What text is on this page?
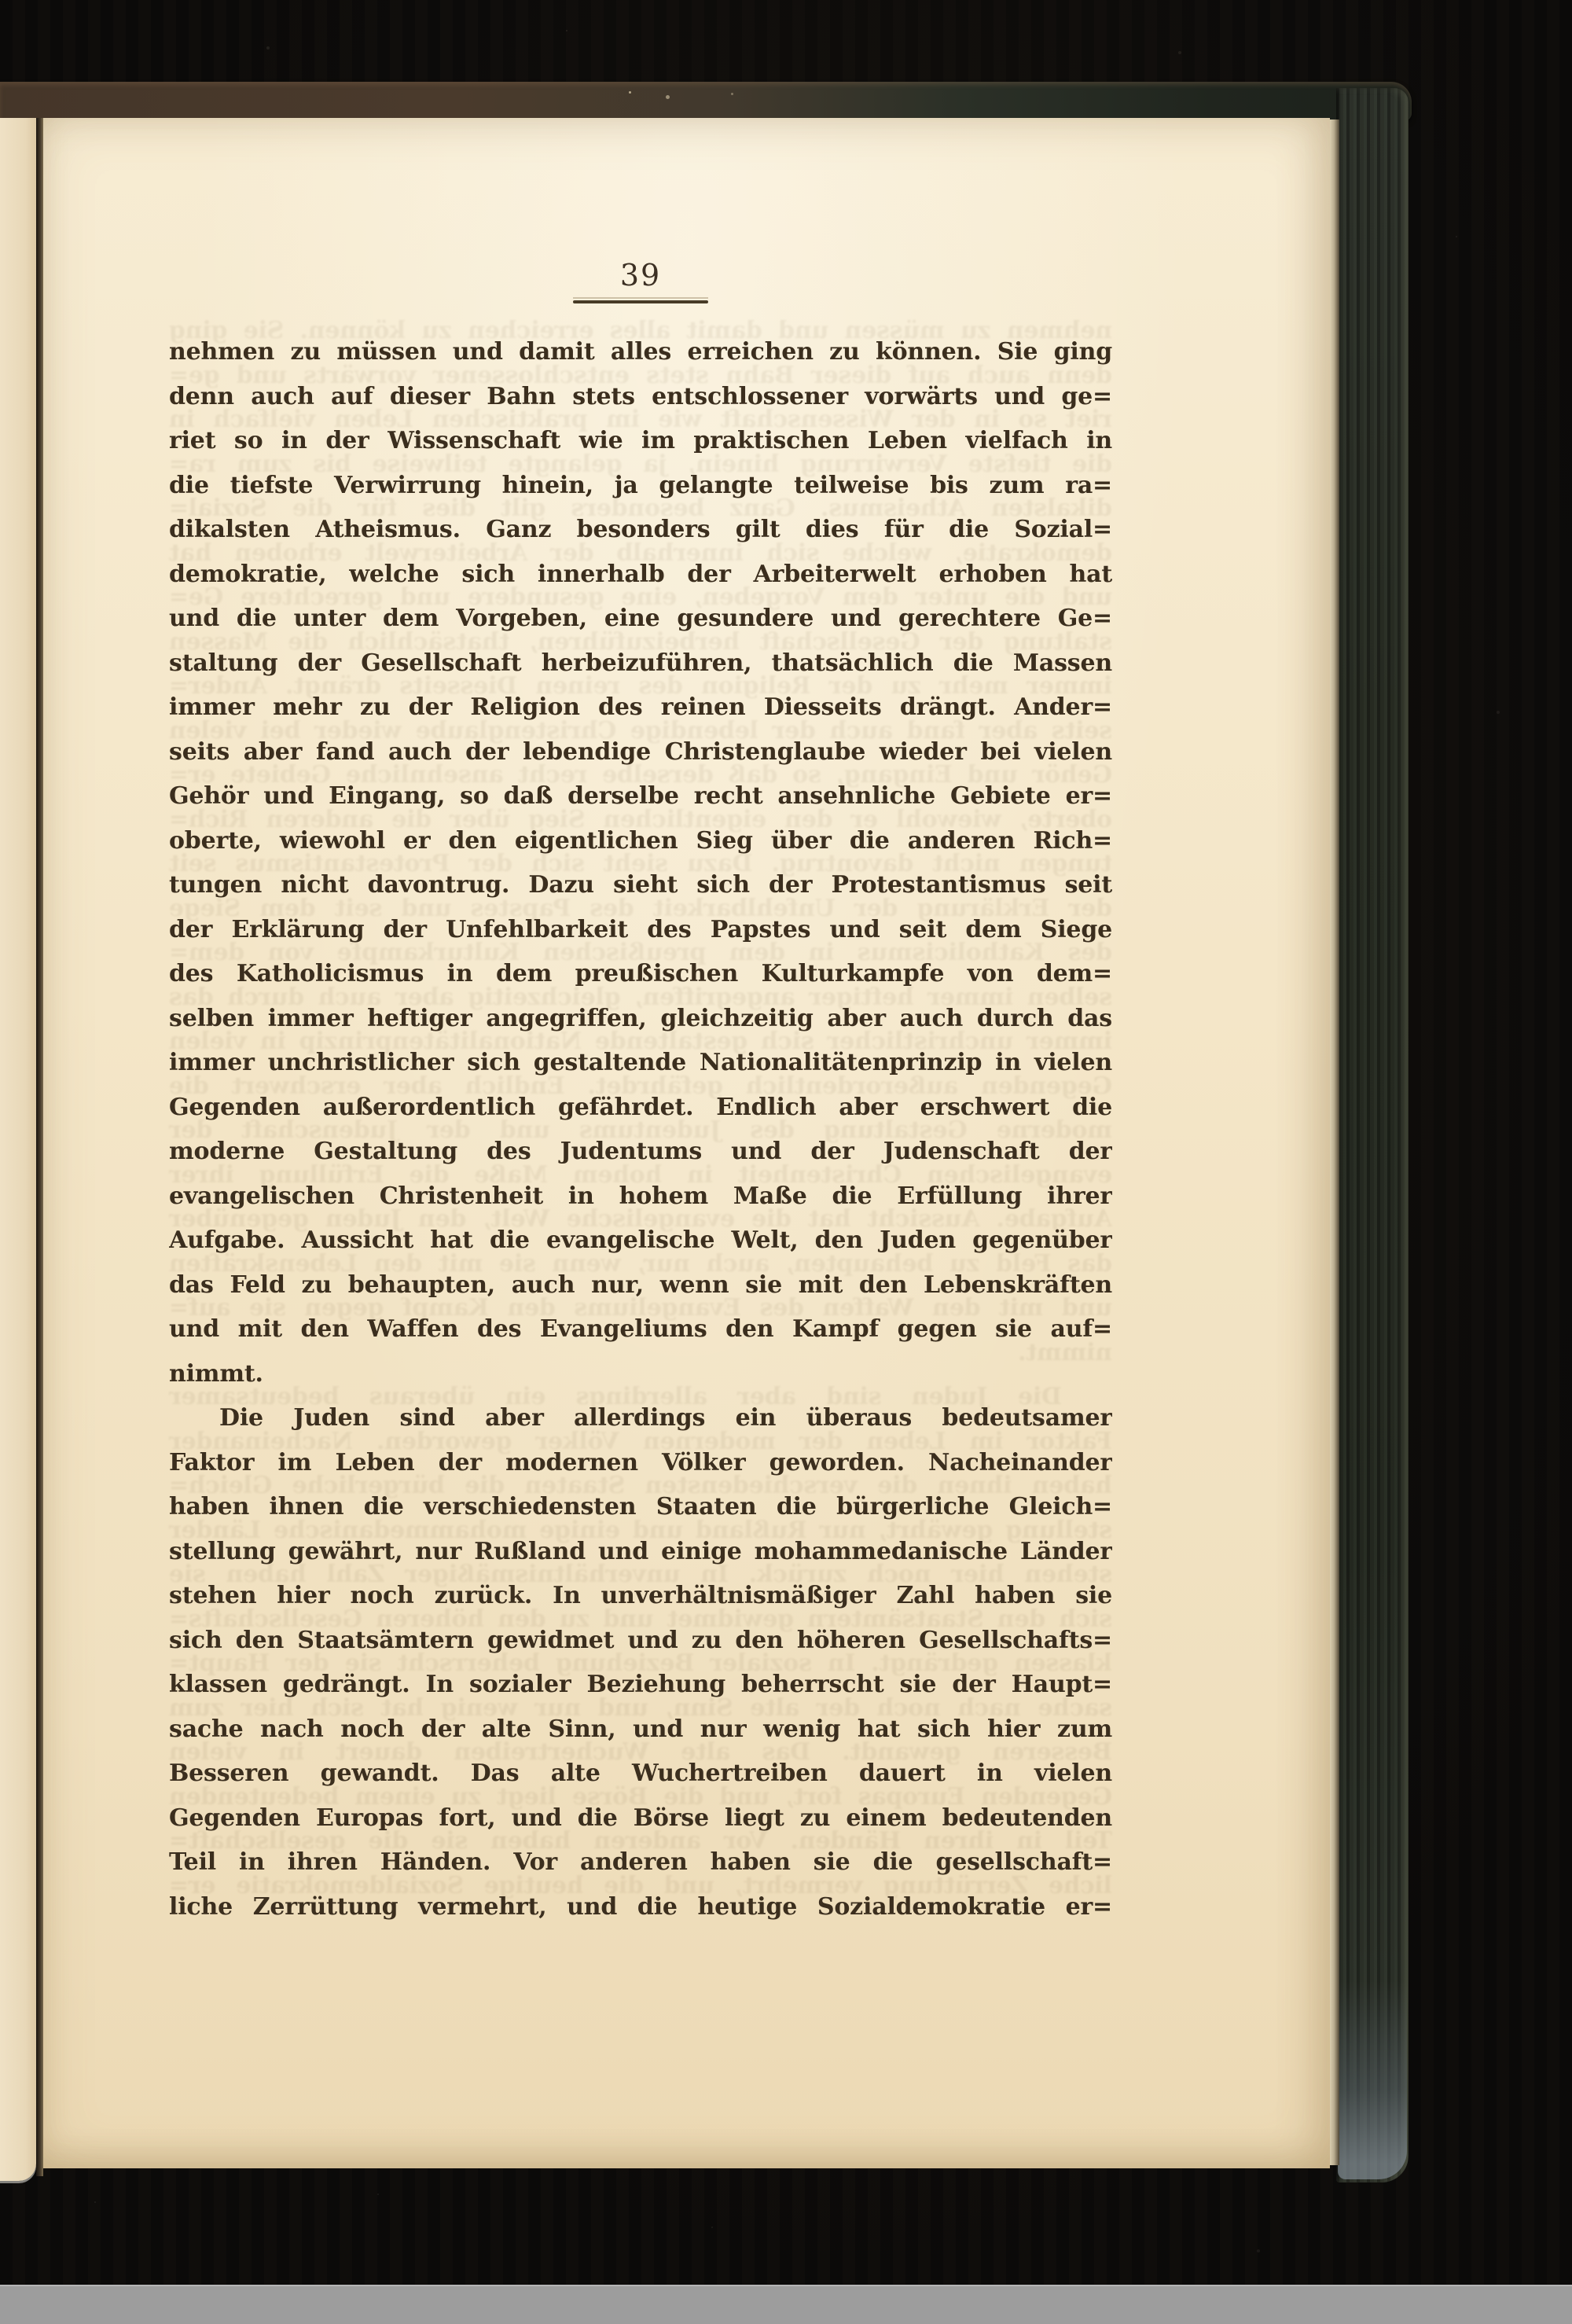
nehmen zu müssen und damit alles erreichen zu können. Sie ging
denn auch auf dieser Bahn stets entschlossener vorwärts und ge=
riet so in der Wissenschaft wie im praktischen Leben vielfach in
die tiefste Verwirrung hinein, ja gelangte teilweise bis zum ra=
dikalsten Atheismus. Ganz besonders gilt dies für die Sozial=
demokratie, welche sich innerhalb der Arbeiterwelt erhoben hat
und die unter dem Vorgeben, eine gesundere und gerechtere Ge=
staltung der Gesellschaft herbeizuführen, thatsächlich die Massen
immer mehr zu der Religion des reinen Diesseits drängt. Ander=
seits aber fand auch der lebendige Christenglaube wieder bei vielen
Gehör und Eingang, so daß derselbe recht ansehnliche Gebiete er=
oberte, wiewohl er den eigentlichen Sieg über die anderen Rich=
tungen nicht davontrug. Dazu sieht sich der Protestantismus seit
der Erklärung der Unfehlbarkeit des Papstes und seit dem Siege
des Katholicismus in dem preußischen Kulturkampfe von dem=
selben immer heftiger angegriffen, gleichzeitig aber auch durch das
immer unchristlicher sich gestaltende Nationalitätenprinzip in vielen
Gegenden außerordentlich gefährdet. Endlich aber erschwert die
moderne Gestaltung des Judentums und der Judenschaft der
evangelischen Christenheit in hohem Maße die Erfüllung ihrer
Aufgabe. Aussicht hat die evangelische Welt, den Juden gegenüber
das Feld zu behaupten, auch nur, wenn sie mit den Lebenskräften
und mit den Waffen des Evangeliums den Kampf gegen sie auf=
nimmt.
Die Juden sind aber allerdings ein überaus bedeutsamer
Faktor im Leben der modernen Völker geworden. Nacheinander
haben ihnen die verschiedensten Staaten die bürgerliche Gleich=
stellung gewährt, nur Rußland und einige mohammedanische Länder
stehen hier noch zurück. In unverhältnismäßiger Zahl haben sie
sich den Staatsämtern gewidmet und zu den höheren Gesellschafts=
klassen gedrängt. In sozialer Beziehung beherrscht sie der Haupt=
sache nach noch der alte Sinn, und nur wenig hat sich hier zum
Besseren gewandt. Das alte Wuchertreiben dauert in vielen
Gegenden Europas fort, und die Börse liegt zu einem bedeutenden
Teil in ihren Händen. Vor anderen haben sie die gesellschaft=
liche Zerrüttung vermehrt, und die heutige Sozialdemokratie er=
39
nehmen zu müssen und damit alles erreichen zu können. Sie ging
denn auch auf dieser Bahn stets entschlossener vorwärts und ge=
riet so in der Wissenschaft wie im praktischen Leben vielfach in
die tiefste Verwirrung hinein, ja gelangte teilweise bis zum ra=
dikalsten Atheismus. Ganz besonders gilt dies für die Sozial=
demokratie, welche sich innerhalb der Arbeiterwelt erhoben hat
und die unter dem Vorgeben, eine gesundere und gerechtere Ge=
staltung der Gesellschaft herbeizuführen, thatsächlich die Massen
immer mehr zu der Religion des reinen Diesseits drängt. Ander=
seits aber fand auch der lebendige Christenglaube wieder bei vielen
Gehör und Eingang, so daß derselbe recht ansehnliche Gebiete er=
oberte, wiewohl er den eigentlichen Sieg über die anderen Rich=
tungen nicht davontrug. Dazu sieht sich der Protestantismus seit
der Erklärung der Unfehlbarkeit des Papstes und seit dem Siege
des Katholicismus in dem preußischen Kulturkampfe von dem=
selben immer heftiger angegriffen, gleichzeitig aber auch durch das
immer unchristlicher sich gestaltende Nationalitätenprinzip in vielen
Gegenden außerordentlich gefährdet. Endlich aber erschwert die
moderne Gestaltung des Judentums und der Judenschaft der
evangelischen Christenheit in hohem Maße die Erfüllung ihrer
Aufgabe. Aussicht hat die evangelische Welt, den Juden gegenüber
das Feld zu behaupten, auch nur, wenn sie mit den Lebenskräften
und mit den Waffen des Evangeliums den Kampf gegen sie auf=
nimmt.
Die Juden sind aber allerdings ein überaus bedeutsamer
Faktor im Leben der modernen Völker geworden. Nacheinander
haben ihnen die verschiedensten Staaten die bürgerliche Gleich=
stellung gewährt, nur Rußland und einige mohammedanische Länder
stehen hier noch zurück. In unverhältnismäßiger Zahl haben sie
sich den Staatsämtern gewidmet und zu den höheren Gesellschafts=
klassen gedrängt. In sozialer Beziehung beherrscht sie der Haupt=
sache nach noch der alte Sinn, und nur wenig hat sich hier zum
Besseren gewandt. Das alte Wuchertreiben dauert in vielen
Gegenden Europas fort, und die Börse liegt zu einem bedeutenden
Teil in ihren Händen. Vor anderen haben sie die gesellschaft=
liche Zerrüttung vermehrt, und die heutige Sozialdemokratie er=
